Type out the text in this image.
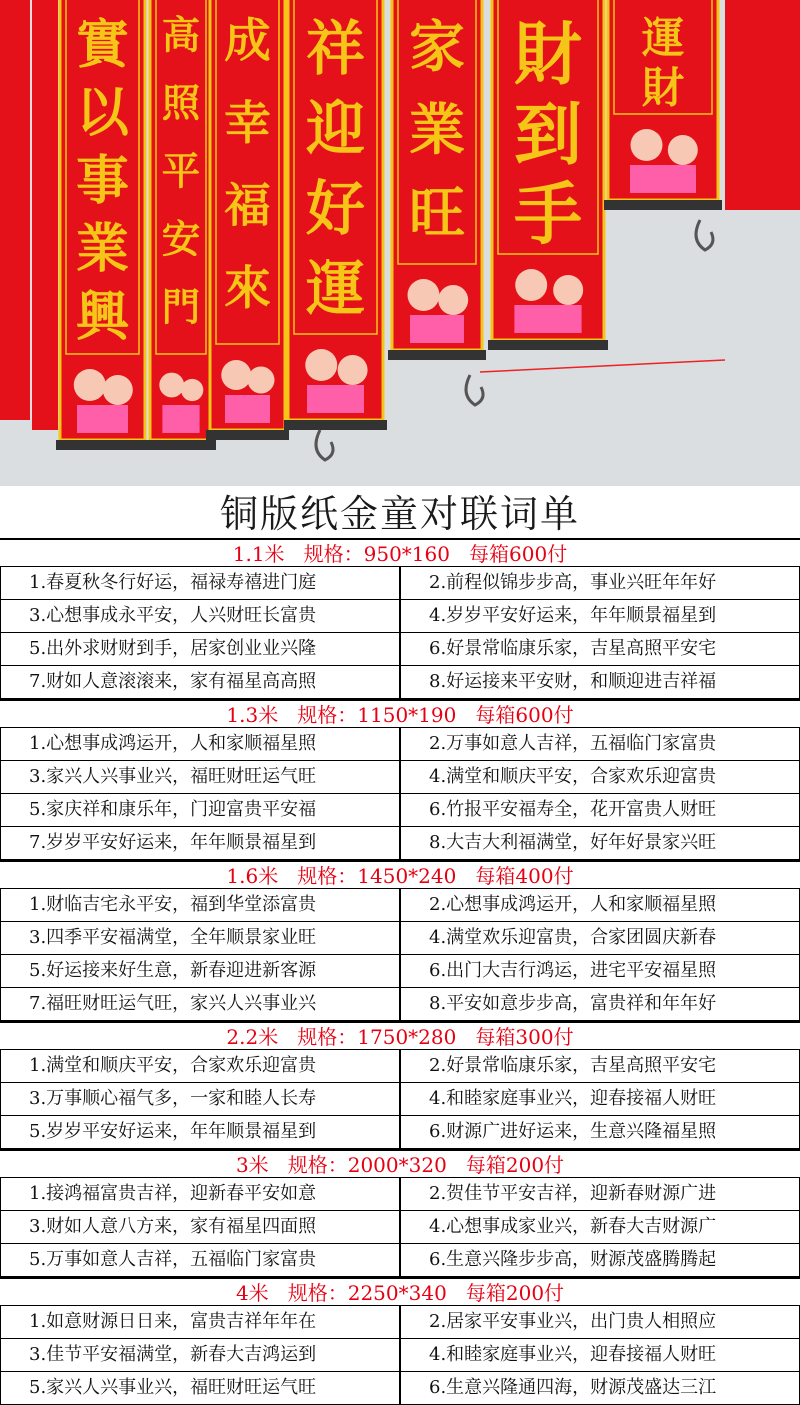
實以事業興
高照平安門
成幸福來
祥迎好運
家業旺
財到手
運財
铜版纸金童对联词单
1.1米   规格：950*160   每箱600付
1.春夏秋冬行好运，福禄寿禧进门庭	2.前程似锦步步高，事业兴旺年年好
3.心想事成永平安，人兴财旺长富贵	4.岁岁平安好运来，年年顺景福星到
5.出外求财财到手，居家创业业兴隆	6.好景常临康乐家，吉星高照平安宅
7.财如人意滚滚来，家有福星高高照	8.好运接来平安财，和顺迎进吉祥福
1.3米   规格：1150*190   每箱600付
1.心想事成鸿运开，人和家顺福星照	2.万事如意人吉祥，五福临门家富贵
3.家兴人兴事业兴，福旺财旺运气旺	4.满堂和顺庆平安，合家欢乐迎富贵
5.家庆祥和康乐年，门迎富贵平安福	6.竹报平安福寿全，花开富贵人财旺
7.岁岁平安好运来，年年顺景福星到	8.大吉大利福满堂，好年好景家兴旺
1.6米   规格：1450*240   每箱400付
1.财临吉宅永平安，福到华堂添富贵	2.心想事成鸿运开，人和家顺福星照
3.四季平安福满堂，全年顺景家业旺	4.满堂欢乐迎富贵，合家团圆庆新春
5.好运接来好生意，新春迎进新客源	6.出门大吉行鸿运，进宅平安福星照
7.福旺财旺运气旺，家兴人兴事业兴	8.平安如意步步高，富贵祥和年年好
2.2米   规格：1750*280   每箱300付
1.满堂和顺庆平安，合家欢乐迎富贵	2.好景常临康乐家，吉星高照平安宅
3.万事顺心福气多，一家和睦人长寿	4.和睦家庭事业兴，迎春接福人财旺
5.岁岁平安好运来，年年顺景福星到	6.财源广进好运来，生意兴隆福星照
3米   规格：2000*320   每箱200付
1.接鸿福富贵吉祥，迎新春平安如意	2.贺佳节平安吉祥，迎新春财源广进
3.财如人意八方来，家有福星四面照	4.心想事成家业兴，新春大吉财源广
5.万事如意人吉祥，五福临门家富贵	6.生意兴隆步步高，财源茂盛腾腾起
4米   规格：2250*340   每箱200付
1.如意财源日日来，富贵吉祥年年在	2.居家平安事业兴，出门贵人相照应
3.佳节平安福满堂，新春大吉鸿运到	4.和睦家庭事业兴，迎春接福人财旺
5.家兴人兴事业兴，福旺财旺运气旺	6.生意兴隆通四海，财源茂盛达三江
